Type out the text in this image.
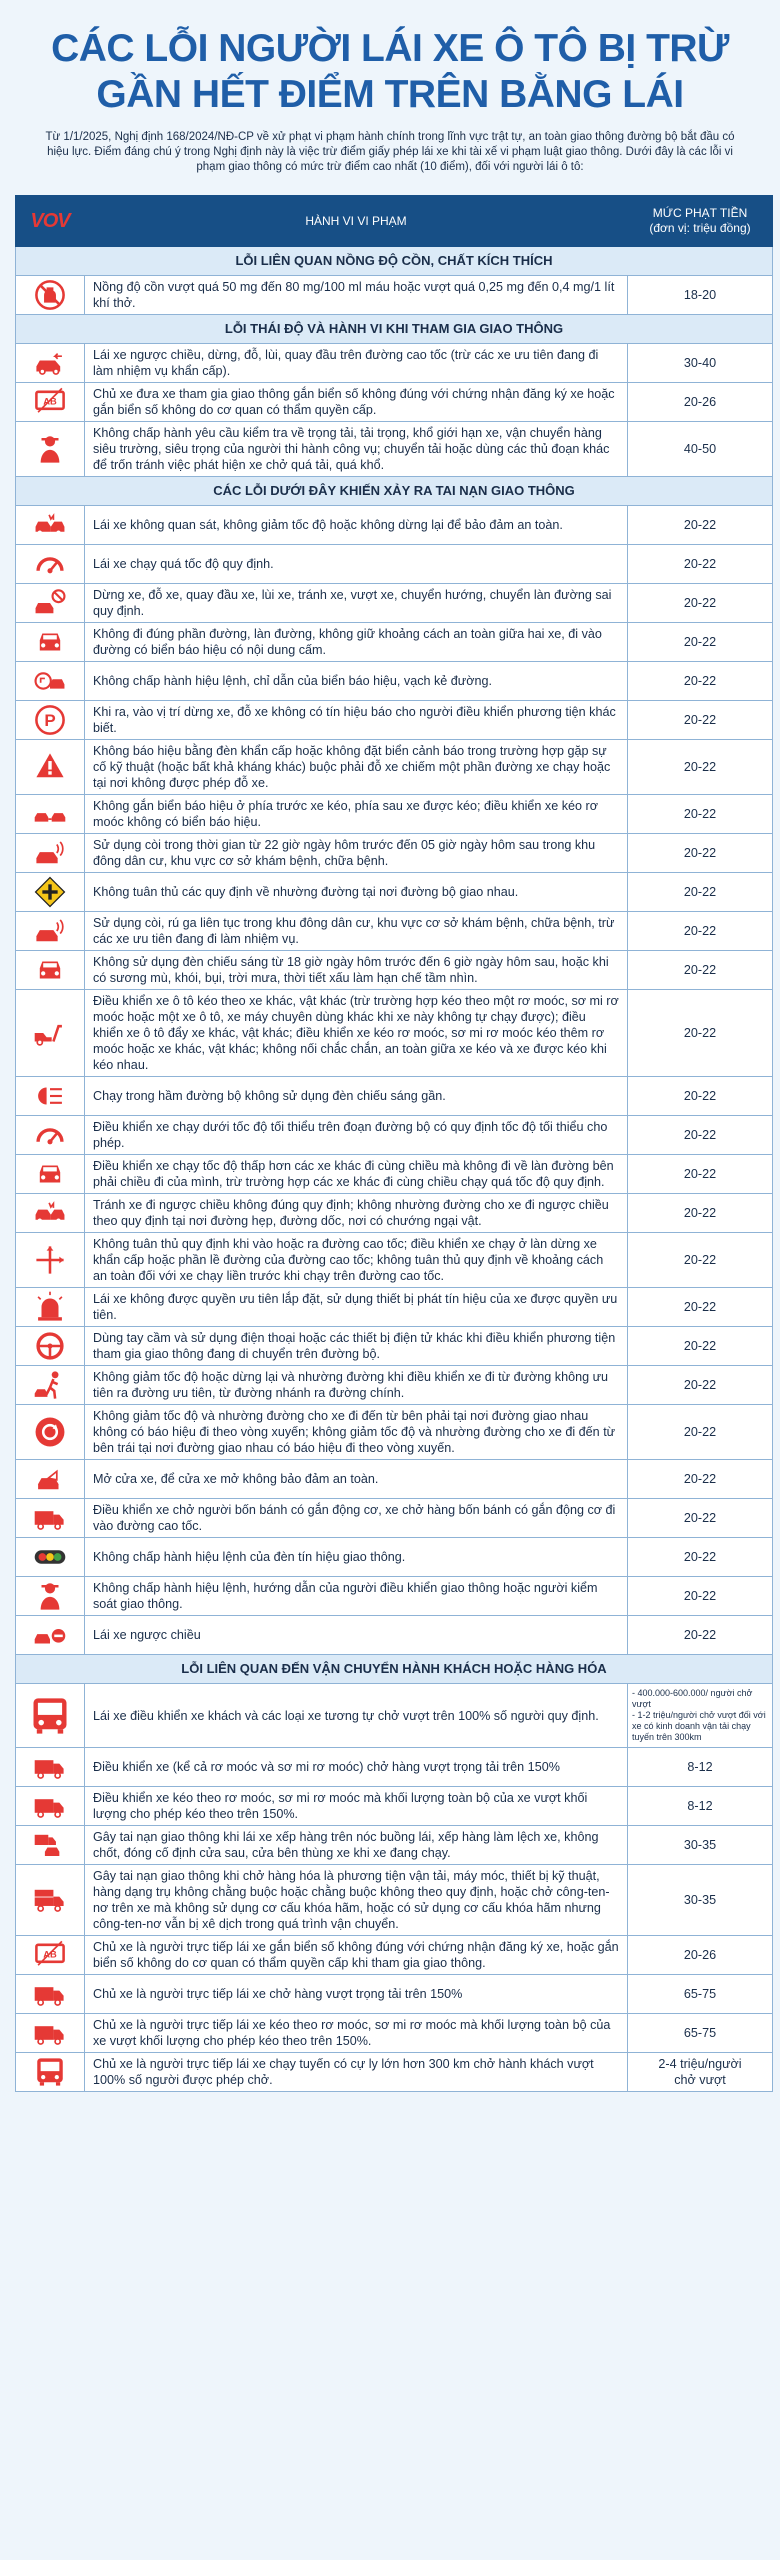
CÁC LỖI NGƯỜI LÁI XE Ô TÔ BỊ TRỪ
GẦN HẾT ĐIỂM TRÊN BẰNG LÁI

Từ 1/1/2025, Nghị định 168/2024/NĐ-CP về xử phạt vi phạm hành chính trong lĩnh vực trật tự, an toàn giao thông đường bộ bắt đầu có hiệu lực. Điểm đáng chú ý trong Nghị định này là việc trừ điểm giấy phép lái xe khi tài xế vi phạm luật giao thông. Dưới đây là các lỗi vi phạm giao thông có mức trừ điểm cao nhất (10 điểm), đối với người lái ô tô:

VOV	HÀNH VI VI PHẠM	MỨC PHẠT TIỀN
(đơn vị: triệu đồng)
LỖI LIÊN QUAN NỒNG ĐỘ CỒN, CHẤT KÍCH THÍCH		
	Nồng độ cồn vượt quá 50 mg đến 80 mg/100 ml máu hoặc vượt quá 0,25 mg đến 0,4 mg/1 lít khí thở.	18-20
LỖI THÁI ĐỘ VÀ HÀNH VI KHI THAM GIA GIAO THÔNG		
	Lái xe ngược chiều, dừng, đỗ, lùi, quay đầu trên đường cao tốc (trừ các xe ưu tiên đang đi làm nhiệm vụ khẩn cấp).	30-40

AB	Chủ xe đưa xe tham gia giao thông gắn biển số không đúng với chứng nhận đăng ký xe hoặc gắn biển số không do cơ quan có thẩm quyền cấp.	20-26
	Không chấp hành yêu cầu kiểm tra về trọng tải, tải trọng, khổ giới hạn xe, vận chuyển hàng siêu trường, siêu trọng của người thi hành công vụ; chuyển tải hoặc dùng các thủ đoạn khác để trốn tránh việc phát hiện xe chở quá tải, quá khổ.	40-50
CÁC LỖI DƯỚI ĐÂY KHIẾN XẢY RA TAI NẠN GIAO THÔNG		
	Lái xe không quan sát, không giảm tốc độ hoặc không dừng lại để bảo đảm an toàn.	20-22
	Lái xe chạy quá tốc độ quy định.	20-22
	Dừng xe, đỗ xe, quay đầu xe, lùi xe, tránh xe, vượt xe, chuyển hướng, chuyển làn đường sai quy định.	20-22
	Không đi đúng phần đường, làn đường, không giữ khoảng cách an toàn giữa hai xe, đi vào đường có biển báo hiệu có nội dung cấm.	20-22
	Không chấp hành hiệu lệnh, chỉ dẫn của biển báo hiệu, vạch kẻ đường.	20-22

P	Khi ra, vào vị trí dừng xe, đỗ xe không có tín hiệu báo cho người điều khiển phương tiện khác biết.	20-22
	Không báo hiệu bằng đèn khẩn cấp hoặc không đặt biển cảnh báo trong trường hợp gặp sự cố kỹ thuật (hoặc bất khả kháng khác) buộc phải đỗ xe chiếm một phần đường xe chạy hoặc tại nơi không được phép đỗ xe.	20-22
	Không gắn biển báo hiệu ở phía trước xe kéo, phía sau xe được kéo; điều khiển xe kéo rơ moóc không có biển báo hiệu.	20-22
	Sử dụng còi trong thời gian từ 22 giờ ngày hôm trước đến 05 giờ ngày hôm sau trong khu đông dân cư, khu vực cơ sở khám bệnh, chữa bệnh.	20-22
	Không tuân thủ các quy định về nhường đường tại nơi đường bộ giao nhau.	20-22
	Sử dụng còi, rú ga liên tục trong khu đông dân cư, khu vực cơ sở khám bệnh, chữa bệnh, trừ các xe ưu tiên đang đi làm nhiệm vụ.	20-22
	Không sử dụng đèn chiếu sáng từ 18 giờ ngày hôm trước đến 6 giờ ngày hôm sau, hoặc khi có sương mù, khói, bụi, trời mưa, thời tiết xấu làm hạn chế tầm nhìn.	20-22
	Điều khiển xe ô tô kéo theo xe khác, vật khác (trừ trường hợp kéo theo một rơ moóc, sơ mi rơ moóc hoặc một xe ô tô, xe máy chuyên dùng khác khi xe này không tự chạy được); điều khiển xe ô tô đẩy xe khác, vật khác; điều khiển xe kéo rơ moóc, sơ mi rơ moóc kéo thêm rơ moóc hoặc xe khác, vật khác; không nối chắc chắn, an toàn giữa xe kéo và xe được kéo khi kéo nhau.	20-22
	Chạy trong hầm đường bộ không sử dụng đèn chiếu sáng gần.	20-22
	Điều khiển xe chạy dưới tốc độ tối thiểu trên đoạn đường bộ có quy định tốc độ tối thiểu cho phép.	20-22
	Điều khiển xe chạy tốc độ thấp hơn các xe khác đi cùng chiều mà không đi về làn đường bên phải chiều đi của mình, trừ trường hợp các xe khác đi cùng chiều chạy quá tốc độ quy định.	20-22
	Tránh xe đi ngược chiều không đúng quy định; không nhường đường cho xe đi ngược chiều theo quy định tại nơi đường hẹp, đường dốc, nơi có chướng ngại vật.	20-22
	Không tuân thủ quy định khi vào hoặc ra đường cao tốc; điều khiển xe chạy ở làn dừng xe khẩn cấp hoặc phần lề đường của đường cao tốc; không tuân thủ quy định về khoảng cách an toàn đối với xe chạy liền trước khi chạy trên đường cao tốc.	20-22
	Lái xe không được quyền ưu tiên lắp đặt, sử dụng thiết bị phát tín hiệu của xe được quyền ưu tiên.	20-22
	Dùng tay cầm và sử dụng điện thoại hoặc các thiết bị điện tử khác khi điều khiển phương tiện tham gia giao thông đang di chuyển trên đường bộ.	20-22
	Không giảm tốc độ hoặc dừng lại và nhường đường khi điều khiển xe đi từ đường không ưu tiên ra đường ưu tiên, từ đường nhánh ra đường chính.	20-22
	Không giảm tốc độ và nhường đường cho xe đi đến từ bên phải tại nơi đường giao nhau không có báo hiệu đi theo vòng xuyến; không giảm tốc độ và nhường đường cho xe đi đến từ bên trái tại nơi đường giao nhau có báo hiệu đi theo vòng xuyến.	20-22
	Mở cửa xe, để cửa xe mở không bảo đảm an toàn.	20-22
	Điều khiển xe chở người bốn bánh có gắn động cơ, xe chở hàng bốn bánh có gắn động cơ đi vào đường cao tốc.	20-22
	Không chấp hành hiệu lệnh của đèn tín hiệu giao thông.	20-22
	Không chấp hành hiệu lệnh, hướng dẫn của người điều khiển giao thông hoặc người kiểm soát giao thông.	20-22
	Lái xe ngược chiều	20-22
LỖI LIÊN QUAN ĐẾN VẬN CHUYỂN HÀNH KHÁCH HOẶC HÀNG HÓA		
	Lái xe điều khiển xe khách và các loại xe tương tự chở vượt trên 100% số người quy định.	- 400.000-600.000/ người chở vượt
- 1-2 triệu/người chở vượt đối với xe có kinh doanh vận tải chạy tuyến trên 300km

	Điều khiển xe (kể cả rơ moóc và sơ mi rơ moóc) chở hàng vượt trọng tải trên 150%	8-12
	Điều khiển xe kéo theo rơ moóc, sơ mi rơ moóc mà khối lượng toàn bộ của xe vượt khối lượng cho phép kéo theo trên 150%.	8-12
	Gây tai nạn giao thông khi lái xe xếp hàng trên nóc buồng lái, xếp hàng làm lệch xe, không chốt, đóng cố định cửa sau, cửa bên thùng xe khi xe đang chạy.	30-35
	Gây tai nạn giao thông khi chở hàng hóa là phương tiện vận tải, máy móc, thiết bị kỹ thuật, hàng dạng trụ không chằng buộc hoặc chằng buộc không theo quy định, hoặc chở công-ten-nơ trên xe mà không sử dụng cơ cấu khóa hãm, hoặc có sử dụng cơ cấu khóa hãm nhưng công-ten-nơ vẫn bị xê dịch trong quá trình vận chuyển.	30-35

AB	Chủ xe là người trực tiếp lái xe gắn biển số không đúng với chứng nhận đăng ký xe, hoặc gắn biển số không do cơ quan có thẩm quyền cấp khi tham gia giao thông.	20-26
	Chủ xe là người trực tiếp lái xe chở hàng vượt trọng tải trên 150%	65-75
	Chủ xe là người trực tiếp lái xe kéo theo rơ moóc, sơ mi rơ moóc mà khối lượng toàn bộ của xe vượt khối lượng cho phép kéo theo trên 150%.	65-75
	Chủ xe là người trực tiếp lái xe chạy tuyến có cự ly lớn hơn 300 km chở hành khách vượt 100% số người được phép chở.	2-4 triệu/người
chở vượt
